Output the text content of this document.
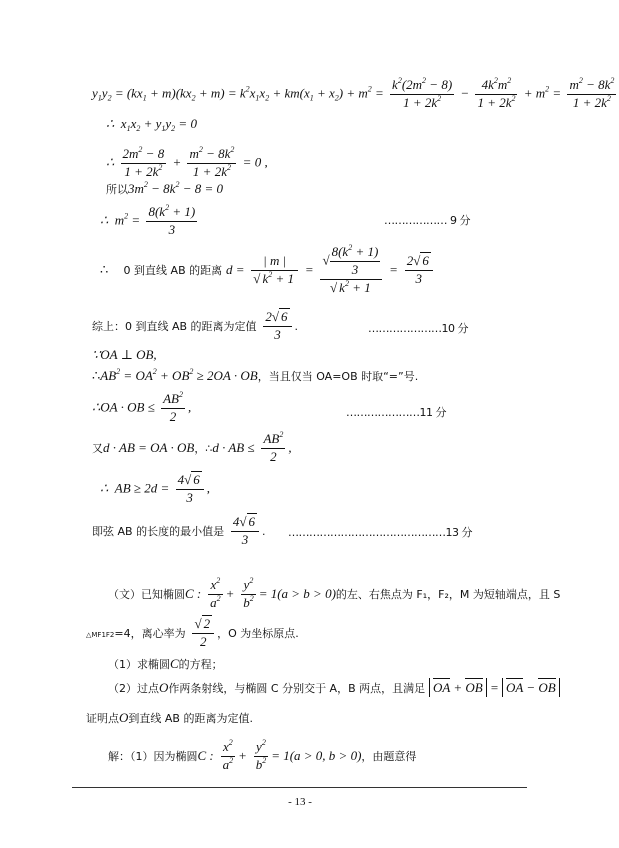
$y_1y_2 = (kx_1 + m)(kx_2 + m) = k^2x_1x_2 + km(x_1 + x_2) + m^2 = \frac{k^2(2m^2 - 8)}{1 + 2k^2} - \frac{4k^2m^2}{1 + 2k^2} + m^2 = \frac{m^2 - 8k^2}{1 + 2k^2}$
∴  $x_1x_2 + y_1y_2 = 0$
∴ $\frac{2m^2 - 8}{1 + 2k^2} + \frac{m^2 - 8k^2}{1 + 2k^2} = 0$ ,
所以$3m^2 - 8k^2 - 8 = 0$
∴  $m^2 = \frac{8(k^2 + 1)}{3}$	……………… 9 分
∴ 0 到直线 AB 的距离 $d = \frac{| m |}{√ k^2 + 1} = \frac{√ \frac{8(k^2 + 1)}{3}}{√ k^2 + 1} = \frac{2√ 6}{3}$
综上：0 到直线 AB 的距离为定值 $\frac{2√ 6}{3}$ .	…………………10 分
∵OA ⊥ OB,
$\therefore AB^2 = OA^2 + OB^2 \ge 2OA$ · OB，当且仅当 OA=OB 时取“=”号.
∴OA · OB ≤ $\frac{AB^2}{2}$ ,	…………………11 分
又d · AB = OA · OB，∴d · AB ≤ $\frac{AB^2}{2}$ ,
∴  AB ≥ $2d = \frac{4√ 6}{3}$ ,
即弦 AB 的长度的最小值是 $\frac{4√ 6}{3}$ . ………………………………………13 分
（文）已知椭圆C : $\frac{x^2}{a^2} + \frac{y^2}{b^2} = 1(a > b > 0)$的左、右焦点为 F₁，F₂，M 为短轴端点，且 S
△MF1F2=4，离心率为 $\frac{√ 2}{2}$ ，O 为坐标原点.
（1）求椭圆C的方程；
（2）过点O作两条射线，与椭圆 C 分别交于 A，B 两点，且满足 OA + OB = OA − OB
证明点O到直线 AB 的距离为定值.
解：（1）因为椭圆C : $\frac{x^2}{a^2} + \frac{y^2}{b^2} = 1(a > 0$, b > 0)，由题意得
- 13 -
